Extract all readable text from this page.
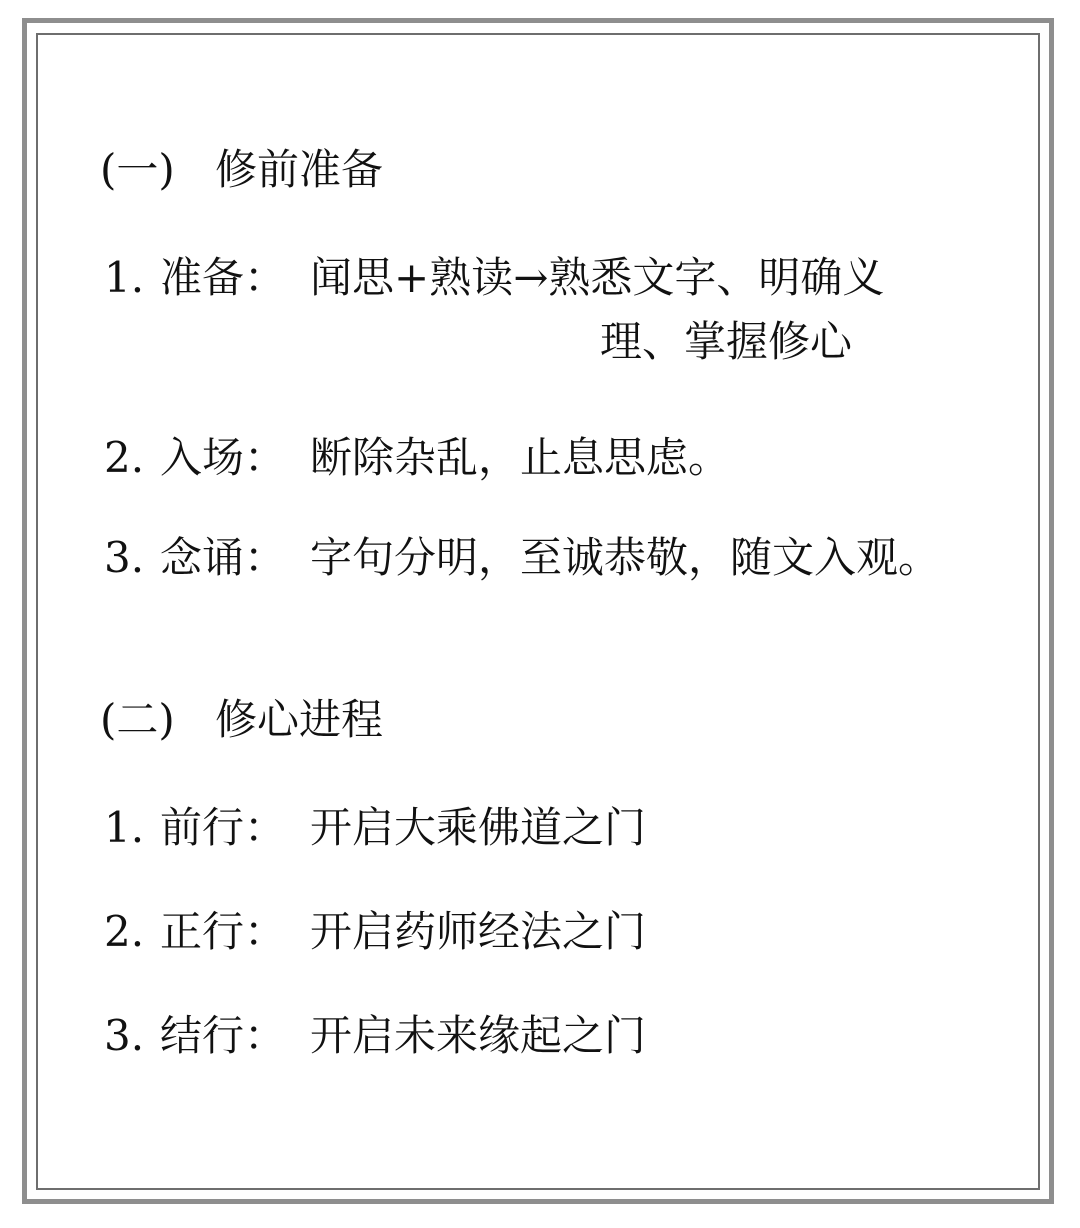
(一) 修前准备
1. 准备： 闻思+熟读→熟悉文字、明确义
理、掌握修心
2. 入场： 断除杂乱，止息思虑。
3. 念诵： 字句分明，至诚恭敬，随文入观。
(二) 修心进程
1. 前行： 开启大乘佛道之门
2. 正行： 开启药师经法之门
3. 结行： 开启未来缘起之门
